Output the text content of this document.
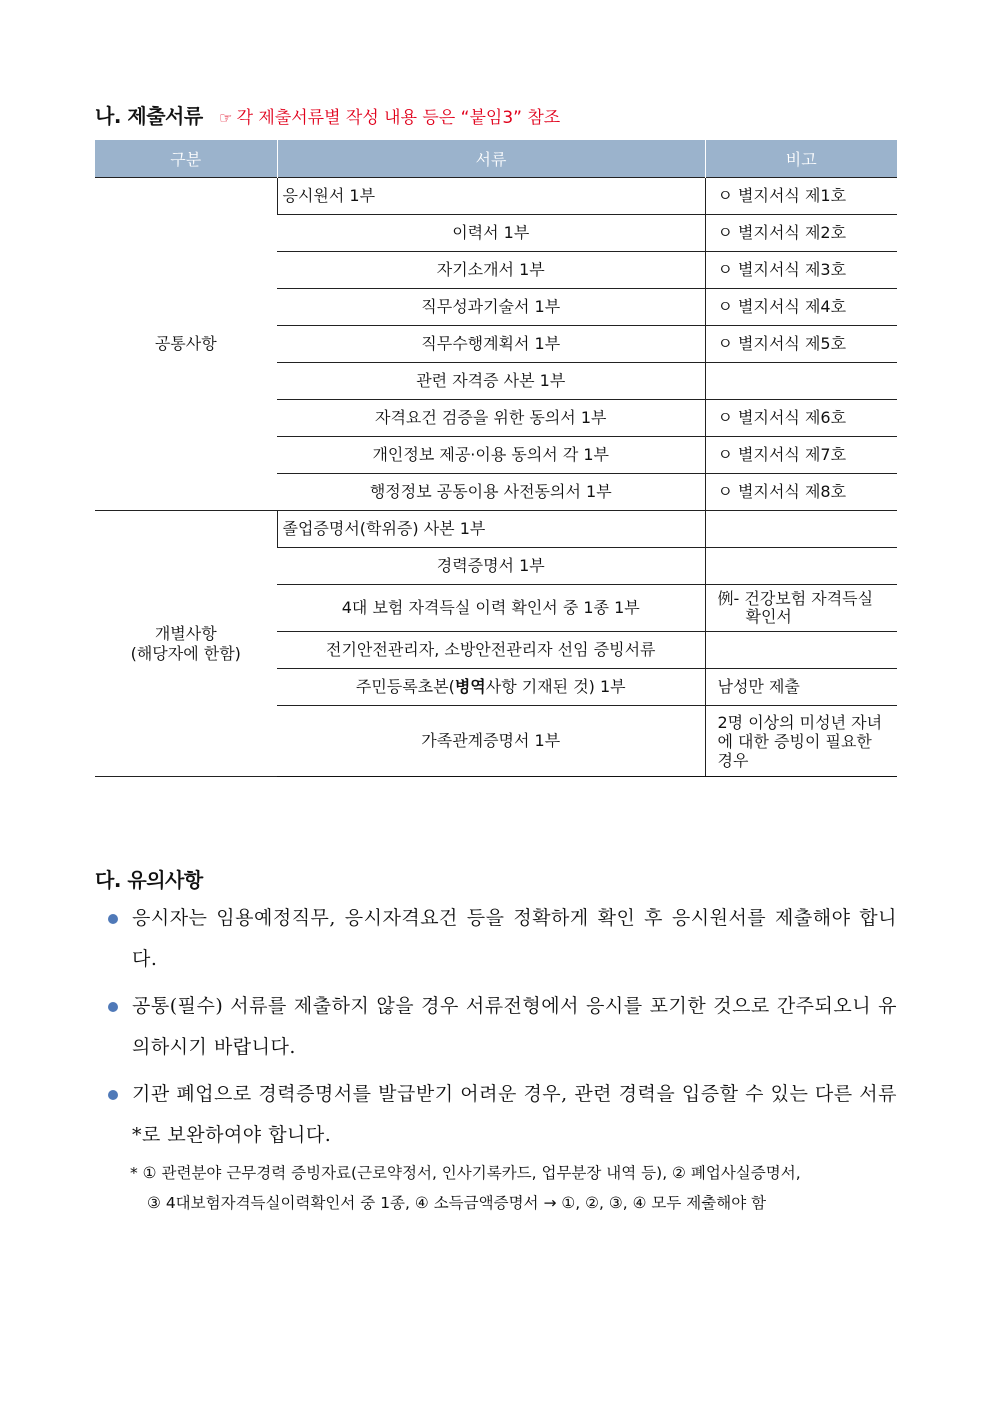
나. 제출서류 ☞ 각 제출서류별 작성 내용 등은 “붙임3” 참조
구분	서류	비고
공통사항	응시원서 1부	ㅇ 별지서식 제1호
	이력서 1부	ㅇ 별지서식 제2호
	자기소개서 1부	ㅇ 별지서식 제3호
	직무성과기술서 1부	ㅇ 별지서식 제4호
	직무수행계획서 1부	ㅇ 별지서식 제5호
	관련 자격증 사본 1부	
	자격요건 검증을 위한 동의서 1부	ㅇ 별지서식 제6호
	개인정보 제공·이용 동의서 각 1부	ㅇ 별지서식 제7호
	행정정보 공동이용 사전동의서 1부	ㅇ 별지서식 제8호
개별사항
(해당자에 한함)	졸업증명서(학위증) 사본 1부	
	경력증명서 1부	
	4대 보험 자격득실 이력 확인서 중 1종 1부	例- 건강보험 자격득실
확인서

	전기안전관리자, 소방안전관리자 선임 증빙서류	
	주민등록초본(병역사항 기재된 것) 1부	남성만 제출
	가족관계증명서 1부	2명 이상의 미성년 자녀에 대한 증빙이 필요한 경우
다. 유의사항
응시자는 임용예정직무, 응시자격요건 등을 정확하게 확인 후 응시원서를 제출해야 합니다.
공통(필수) 서류를 제출하지 않을 경우 서류전형에서 응시를 포기한 것으로 간주되오니 유의하시기 바랍니다.
기관 폐업으로 경력증명서를 발급받기 어려운 경우, 관련 경력을 입증할 수 있는 다른 서류*로 보완하여야 합니다.
* ① 관련분야 근무경력 증빙자료(근로약정서, 인사기록카드, 업무분장 내역 등), ② 폐업사실증명서,
③ 4대보험자격득실이력확인서 중 1종, ④ 소득금액증명서 → ①, ②, ③, ④ 모두 제출해야 함
